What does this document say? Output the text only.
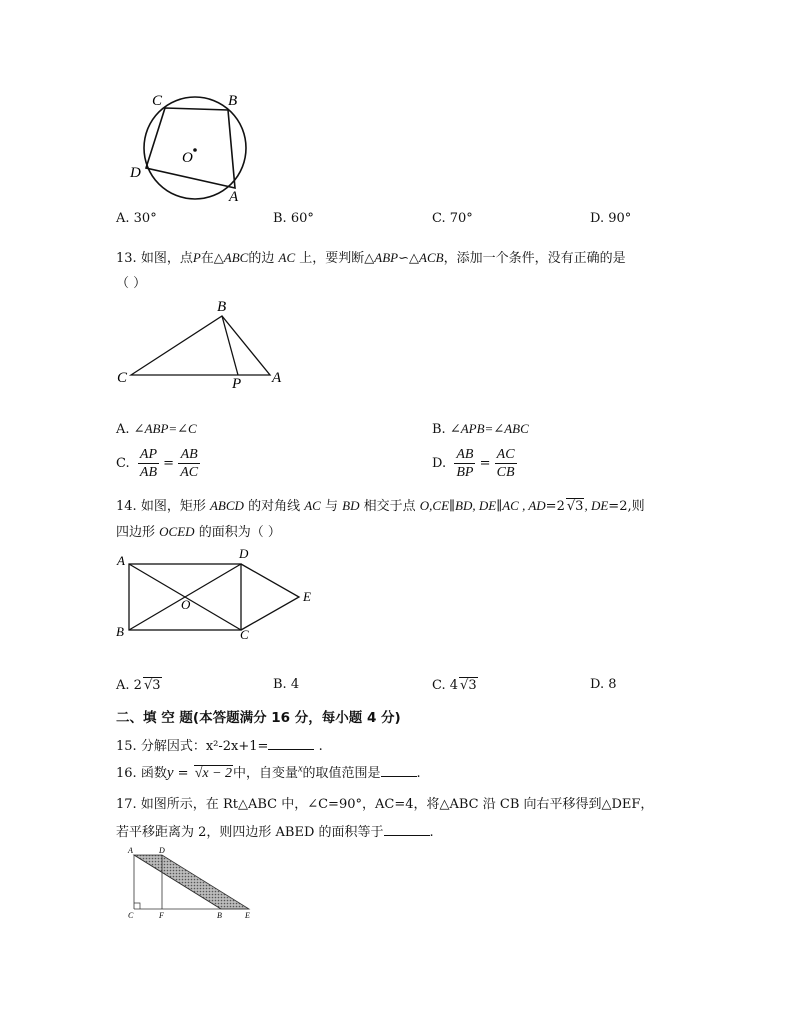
C	B
O
D
A
A. 30°	B. 60°	C. 70°	D. 90°
13. 如图，点P在△ABC的边 AC 上，要判断△ABP∽△ACB，添加一个条件，没有正确的是
（ ）
B
C	P A
A. ∠ABP=∠C	B. ∠APB=∠ABC
C. $\frac{AP}{AB} = \frac{AB}{AC}$	D. $\frac{AB}{BP} = \frac{AC}{CB}$
14. 如图，矩形 ABCD 的对角线 AC 与 BD 相交于点 O,CE∥BD, DE∥AC , AD=2 √3, DE=2,则
四边形 OCED 的面积为（ ）
A	D
E
O
B	C
A. 2 √3	B. 4	C. 4 √3	D. 8
二、填 空 题(本答题满分 16 分，每小题 4 分)
15. 分解因式：x²-2x+1=	.
16. 函数y = √x − 2中，自变量$^x$的取值范围是	.
17. 如图所示，在 Rt△ABC 中，∠C=90°，AC=4，将△ABC 沿 CB 向右平移得到△DEF，
若平移距离为 2，则四边形 ABED 的面积等于	.
A	D
C	F	B	E
